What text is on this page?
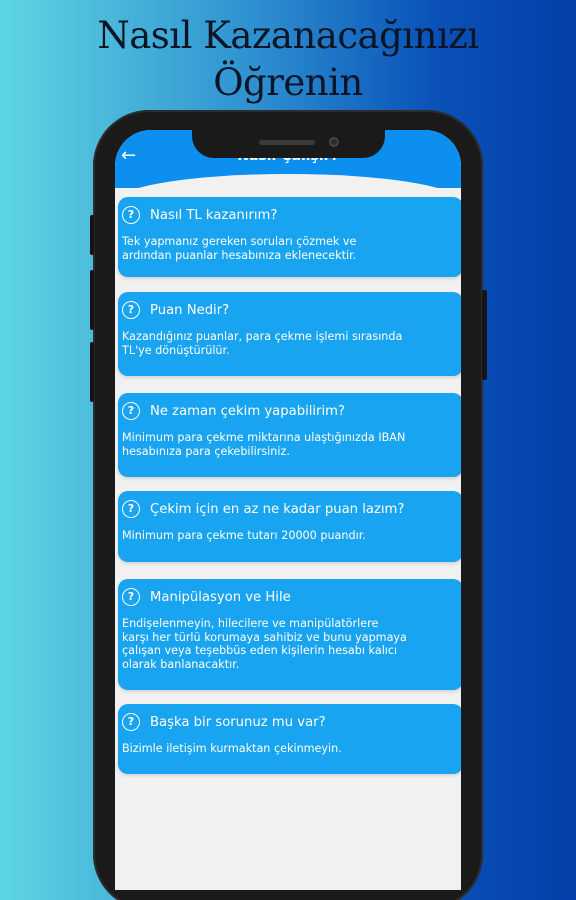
Nasıl Kazanacağınızı
Öğrenin
←
?	Nasıl TL kazanırım?
Tek yapmanız gereken soruları çözmek ve
ardından puanlar hesabınıza eklenecektir.
?	Puan Nedir?
Kazandığınız puanlar, para çekme işlemi sırasında
TL'ye dönüştürülür.
?	Ne zaman çekim yapabilirim?
Minimum para çekme miktarına ulaştığınızda IBAN
hesabınıza para çekebilirsiniz.
?	Çekim için en az ne kadar puan lazım?
Minimum para çekme tutarı 20000 puandır.
?	Manipülasyon ve Hile
Endişelenmeyin, hilecilere ve manipülatörlere
karşı her türlü korumaya sahibiz ve bunu yapmaya
çalışan veya teşebbüs eden kişilerin hesabı kalıcı
olarak banlanacaktır.
?	Başka bir sorunuz mu var?
Bizimle iletişim kurmaktan çekinmeyin.
